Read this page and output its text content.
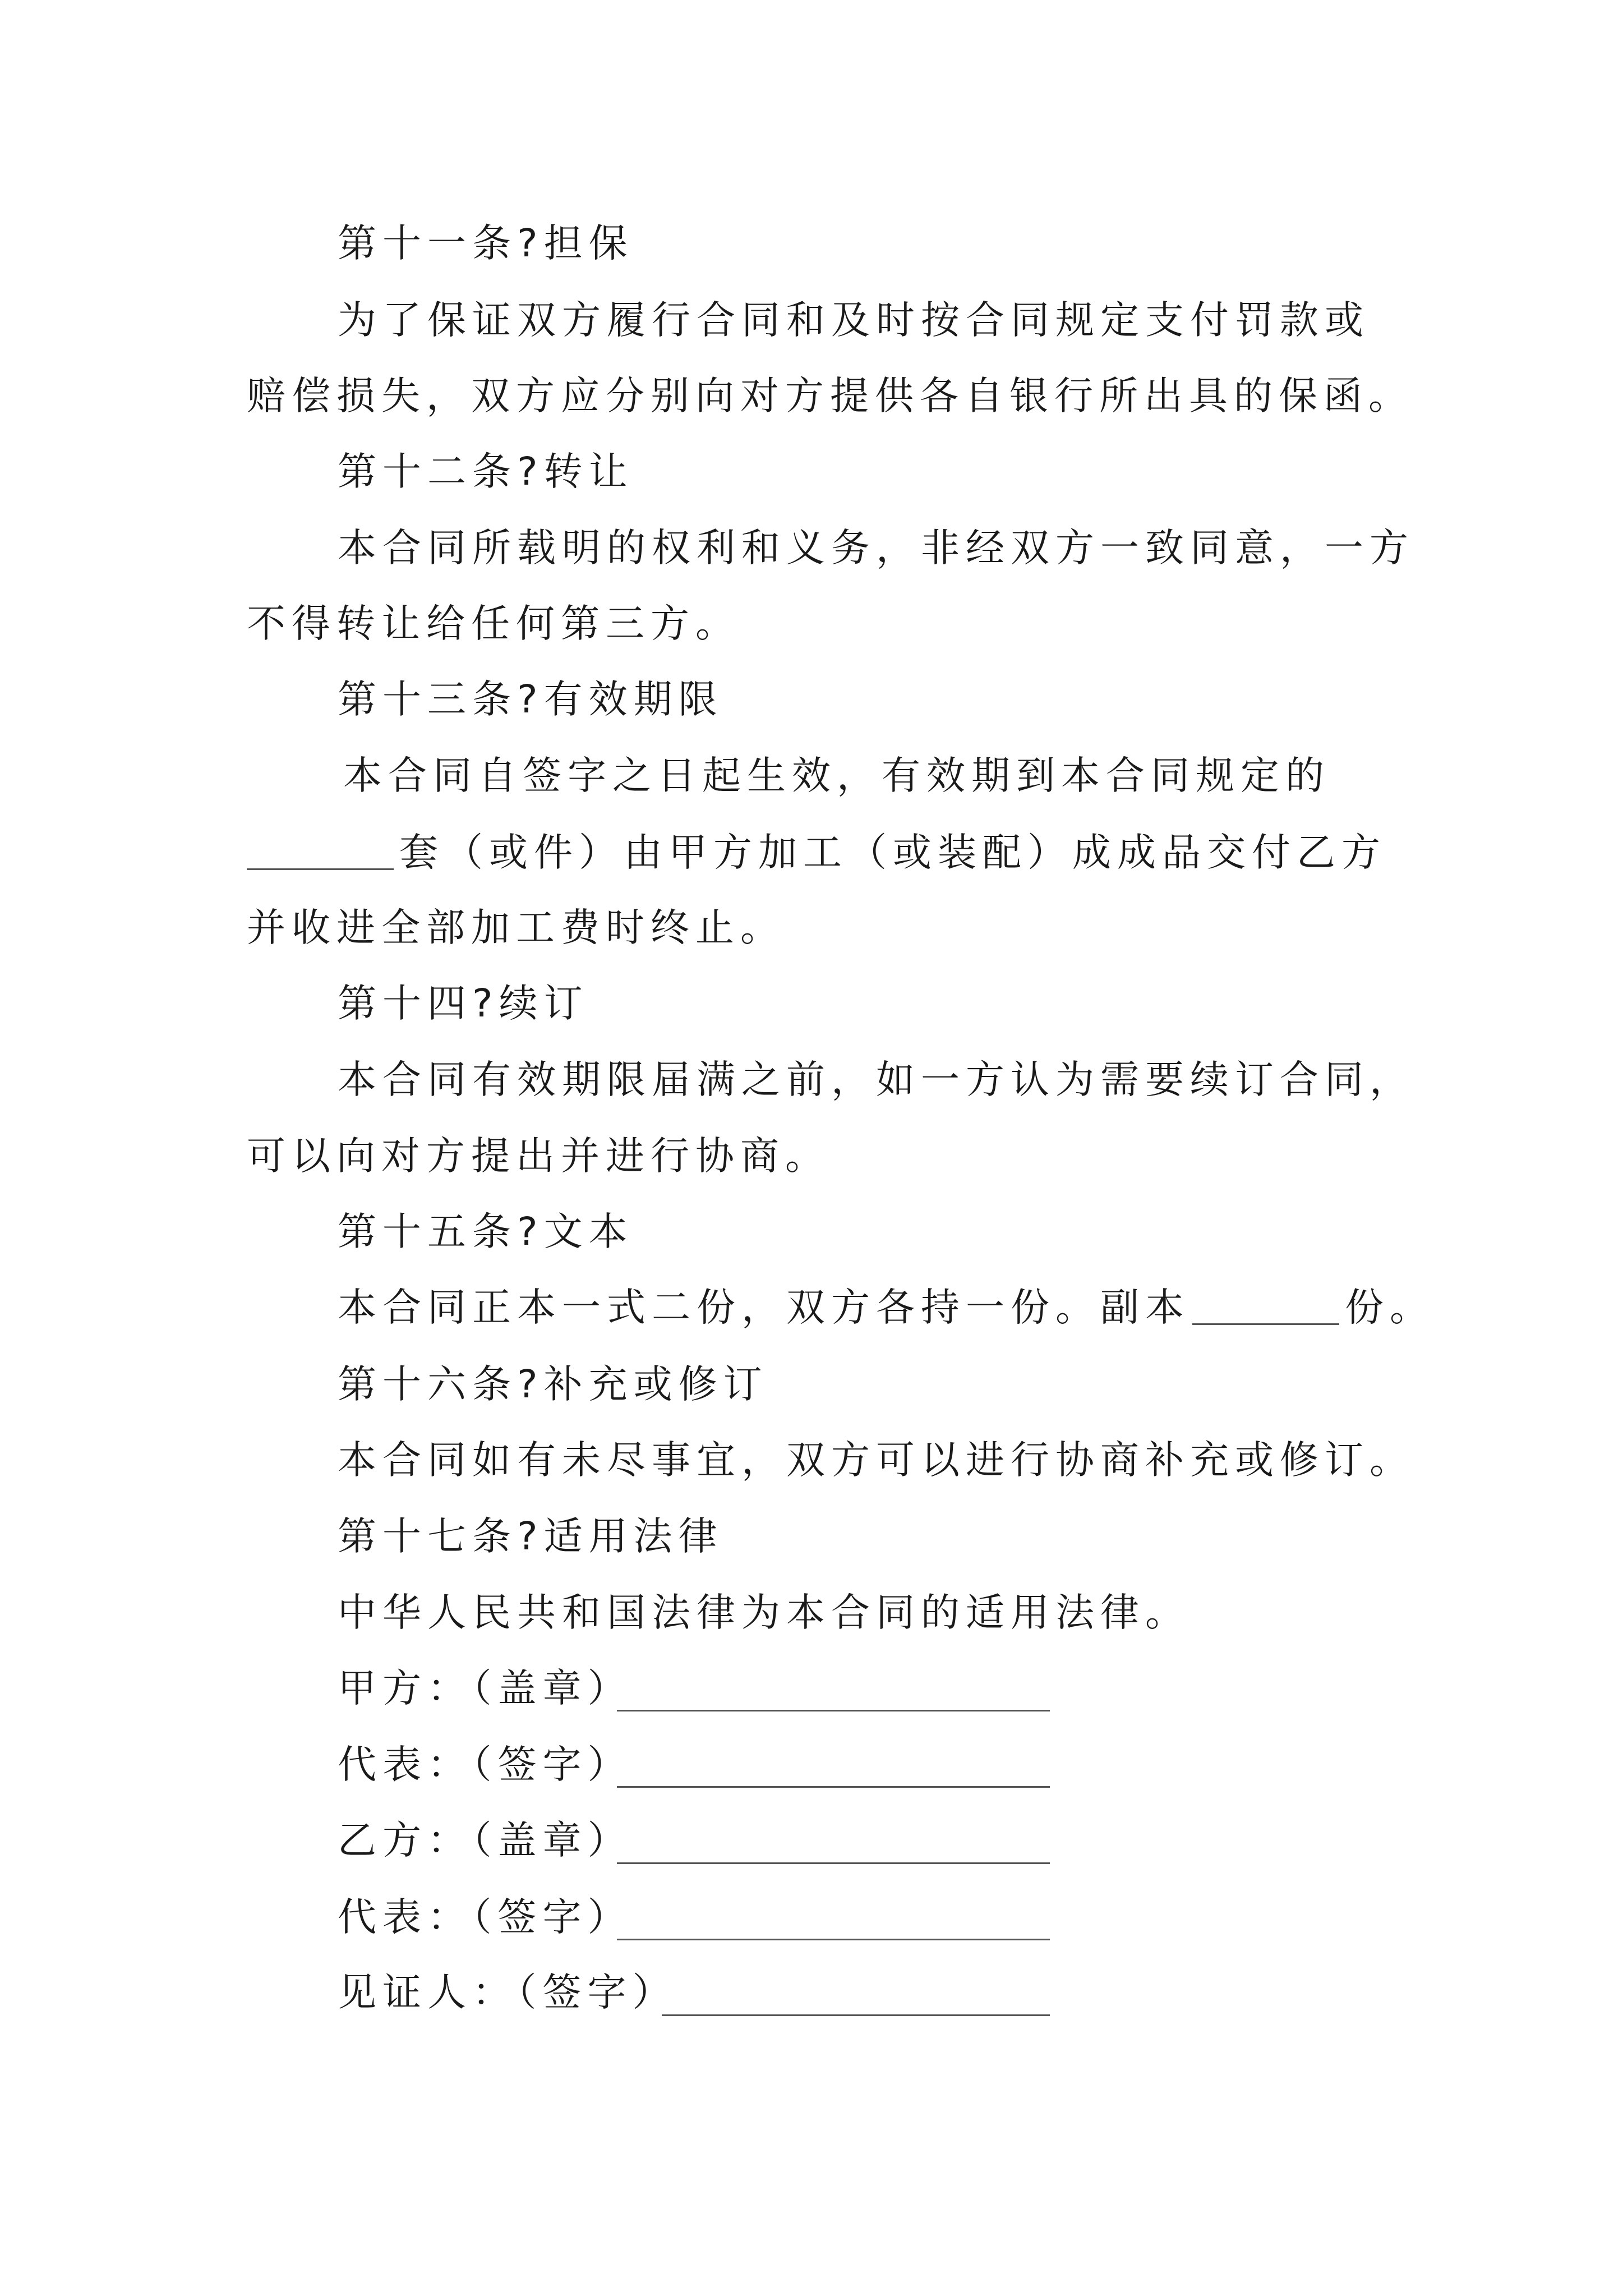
第十一条?担保
为了保证双方履行合同和及时按合同规定支付罚款或
赔偿损失，双方应分别向对方提供各自银行所出具的保函。
第十二条?转让
本合同所载明的权利和义务，非经双方一致同意，一方
不得转让给任何第三方。
第十三条?有效期限
本合同自签字之日起生效，有效期到本合同规定的
套（或件）由甲方加工（或装配）成成品交付乙方
并收进全部加工费时终止。
第十四?续订
本合同有效期限届满之前，如一方认为需要续订合同，
可以向对方提出并进行协商。
第十五条?文本
本合同正本一式二份，双方各持一份。副本	份。
第十六条?补充或修订
本合同如有未尽事宜，双方可以进行协商补充或修订。
第十七条?适用法律
中华人民共和国法律为本合同的适用法律。
甲方：（盖章）
代表：（签字）
乙方：（盖章）
代表：（签字）
见证人：（签字）
